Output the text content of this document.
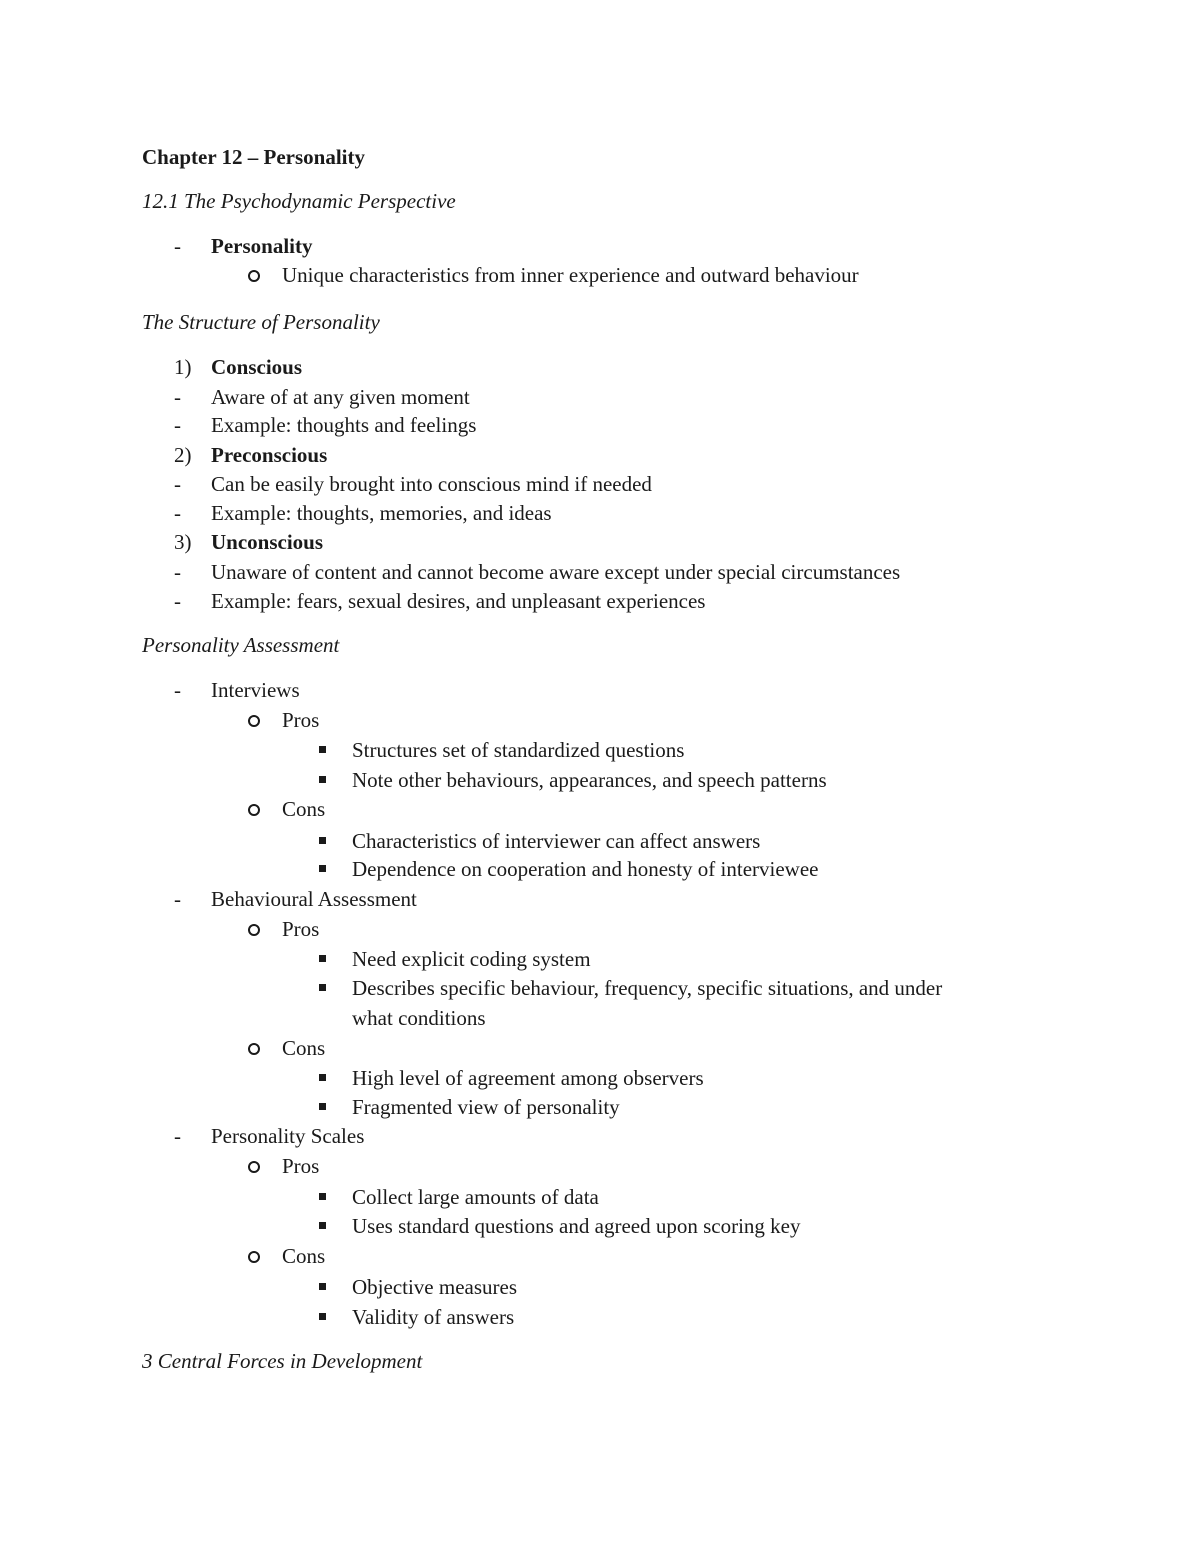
Chapter 12 – Personality
12.1 The Psychodynamic Perspective
- Personality
Unique characteristics from inner experience and outward behaviour
The Structure of Personality
1) Conscious
- Aware of at any given moment
- Example: thoughts and feelings
2) Preconscious
- Can be easily brought into conscious mind if needed
- Example: thoughts, memories, and ideas
3) Unconscious
- Unaware of content and cannot become aware except under special circumstances
- Example: fears, sexual desires, and unpleasant experiences
Personality Assessment
- Interviews
Pros
Structures set of standardized questions
Note other behaviours, appearances, and speech patterns
Cons
Characteristics of interviewer can affect answers
Dependence on cooperation and honesty of interviewee
- Behavioural Assessment
Pros
Need explicit coding system
Describes specific behaviour, frequency, specific situations, and under
what conditions
Cons
High level of agreement among observers
Fragmented view of personality
- Personality Scales
Pros
Collect large amounts of data
Uses standard questions and agreed upon scoring key
Cons
Objective measures
Validity of answers
3 Central Forces in Development
